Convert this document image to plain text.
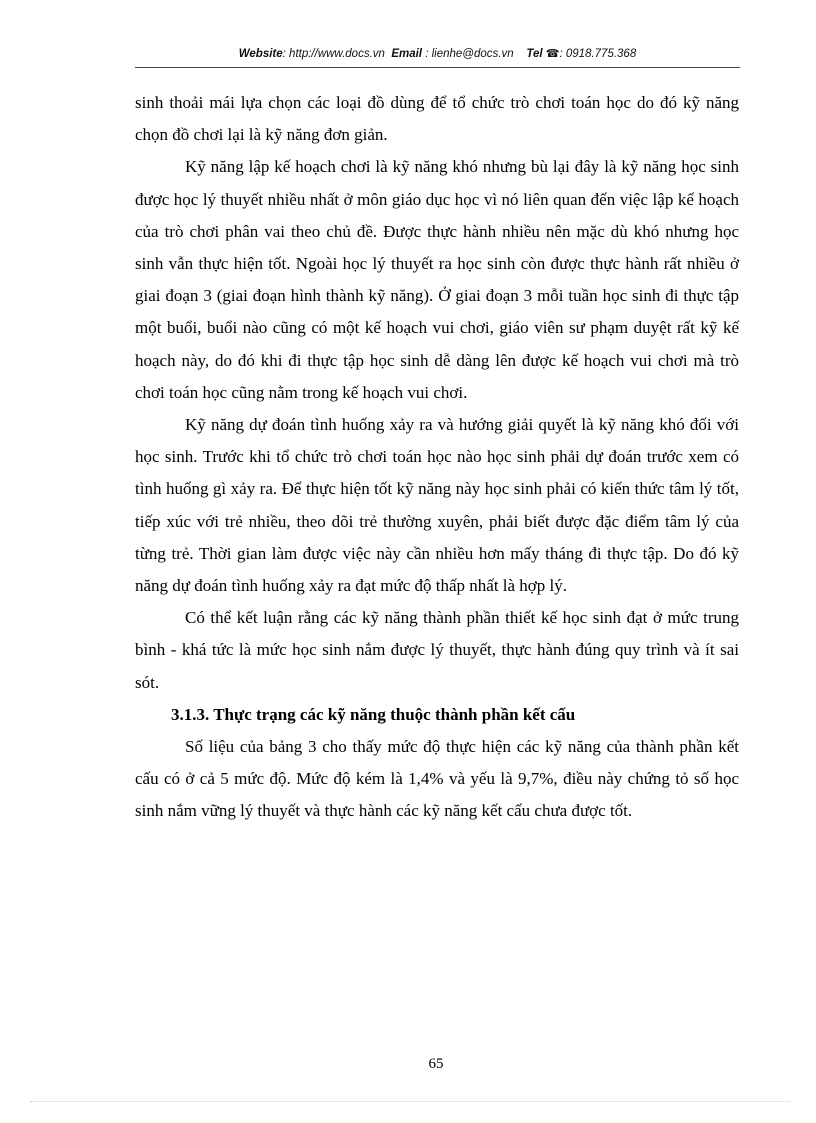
Website: http://www.docs.vn Email : lienhe@docs.vn Tel ☎: 0918.775.368

sinh thoải mái lựa chọn các loại đồ dùng để tổ chức trò chơi toán học do đó kỹ năng chọn đồ chơi lại là kỹ năng đơn giản.

Kỹ năng lập kế hoạch chơi là kỹ năng khó nhưng bù lại đây là kỹ năng học sinh được học lý thuyết nhiều nhất ở môn giáo dục học vì nó liên quan đến việc lập kế hoạch của trò chơi phân vai theo chủ đề. Được thực hành nhiều nên mặc dù khó nhưng học sinh vẫn thực hiện tốt. Ngoài học lý thuyết ra học sinh còn được thực hành rất nhiều ở giai đoạn 3 (giai đoạn hình thành kỹ năng). Ở giai đoạn 3 mỗi tuần học sinh đi thực tập một buổi, buổi nào cũng có một kế hoạch vui chơi, giáo viên sư phạm duyệt rất kỹ kế hoạch này, do đó khi đi thực tập học sinh dễ dàng lên được kế hoạch vui chơi mà trò chơi toán học cũng nằm trong kế hoạch vui chơi.

Kỹ năng dự đoán tình huống xảy ra và hướng giải quyết là kỹ năng khó đối với học sinh. Trước khi tổ chức trò chơi toán học nào học sinh phải dự đoán trước xem có tình huống gì xảy ra. Để thực hiện tốt kỹ năng này học sinh phải có kiến thức tâm lý tốt, tiếp xúc với trẻ nhiều, theo dõi trẻ thường xuyên, phải biết được đặc điểm tâm lý của từng trẻ. Thời gian làm được việc này cần nhiều hơn mấy tháng đi thực tập. Do đó kỹ năng dự đoán tình huống xảy ra đạt mức độ thấp nhất là hợp lý.

Có thể kết luận rằng các kỹ năng thành phần thiết kế học sinh đạt ở mức trung bình - khá tức là mức học sinh nắm được lý thuyết, thực hành đúng quy trình và ít sai sót.

3.1.3. Thực trạng các kỹ năng thuộc thành phần kết cấu

Số liệu của bảng 3 cho thấy mức độ thực hiện các kỹ năng của thành phần kết cấu có ở cả 5 mức độ. Mức độ kém là 1,4% và yếu là 9,7%, điều này chứng tỏ số học sinh nắm vững lý thuyết và thực hành các kỹ năng kết cấu chưa được tốt.

65
